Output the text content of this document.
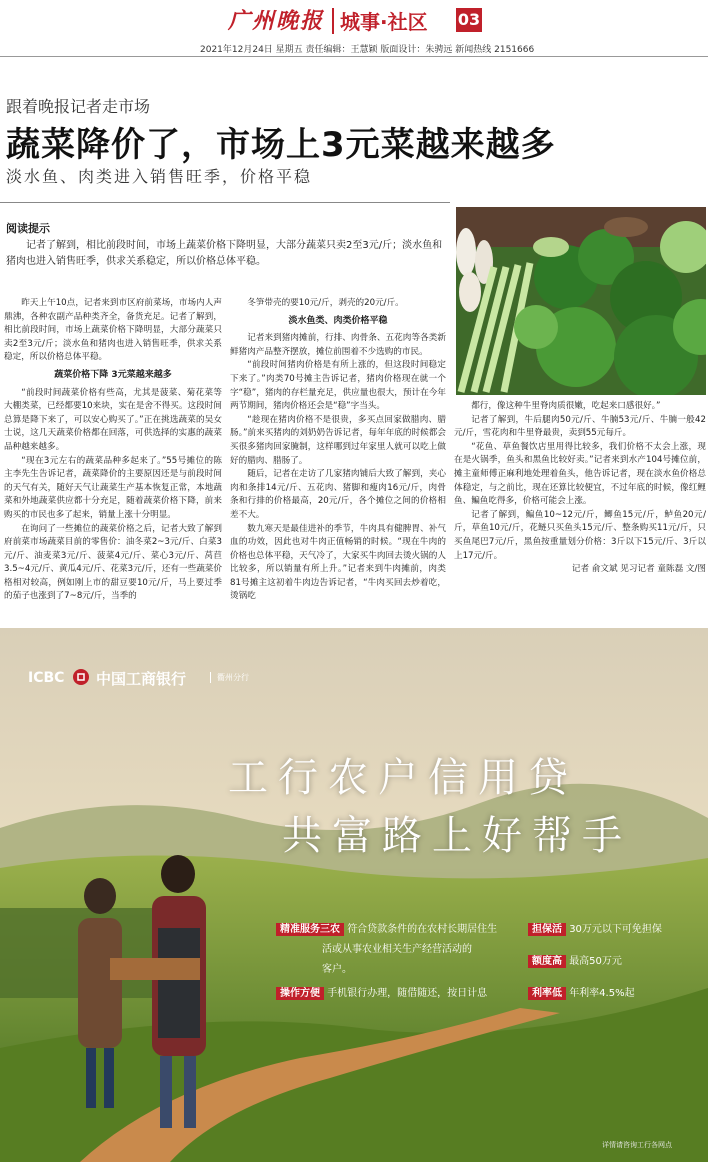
广州晚报 城事·社区 03
2021年12月24日 星期五 责任编辑：王慧颖 版面设计：朱骋远 新闻热线 2151666
跟着晚报记者走市场
蔬菜降价了，市场上3元菜越来越多
淡水鱼、肉类进入销售旺季，价格平稳
阅读提示
记者了解到，相比前段时间，市场上蔬菜价格下降明显，大部分蔬菜只卖2至3元/斤；淡水鱼和猪肉也进入销售旺季，供求关系稳定，所以价格总体平稳。

昨天上午10点，记者来到市区府前菜场，市场内人声鼎沸，各种农副产品种类齐全，备货充足。记者了解到，相比前段时间，市场上蔬菜价格下降明显，大部分蔬菜只卖2至3元/斤；淡水鱼和猪肉也进入销售旺季，供求关系稳定，所以价格总体平稳。

蔬菜价格下降 3元菜越来越多

“前段时间蔬菜价格有些高，尤其是菠菜、菊花菜等大棚类菜，已经都要10来块，实在是舍不得买。这段时间总算是降下来了，可以安心购买了。”正在挑选蔬菜的吴女士说，这几天蔬菜价格都在回落，可供选择的实惠的蔬菜品种越来越多。

“现在3元左右的蔬菜品种多起来了。”55号摊位的陈主李先生告诉记者，蔬菜降价的主要原因还是与前段时间的天气有关，随好天气让蔬菜生产基本恢复正常，本地蔬菜和外地蔬菜供应都十分充足，随着蔬菜价格下降，前来购买的市民也多了起来，销量上涨十分明显。

在询问了一些摊位的蔬菜价格之后，记者大致了解到府前菜市场蔬菜目前的零售价：油冬菜2~3元/斤、白菜3元/斤、油麦菜3元/斤、菠菜4元/斤、菜心3元/斤、莴苣3.5~4元/斤、黄瓜4元/斤、花菜3元/斤，还有一些蔬菜价格相对较高，例如刚上市的甜豆要10元/斤，马上要过季的茄子也涨到了7~8元/斤，当季的

冬笋带壳的要10元/斤，剥壳的20元/斤。

淡水鱼类、肉类价格平稳

记者来到猪肉摊前，行排、肉骨条、五花肉等各类新鲜猪肉产品整齐摆放，摊位前围着不少选购的市民。

“前段时间猪肉价格是有所上涨的，但这段时间稳定下来了。”肉类70号摊主告诉记者，猪肉价格现在就一个字“稳”，猪肉的存栏量充足，供应量也很大，预计在今年两节期间，猪肉价格还会是“稳”字当头。

“趁现在猪肉价格不是很贵，多买点回家做腊肉、腊肠。”前来买猪肉的刘奶奶告诉记者，每年年底的时候都会买很多猪肉回家腌制，这样哪到过年家里人就可以吃上做好的腊肉、腊肠了。

随后，记者在走访了几家猪肉铺后大致了解到，夹心肉和条排14元/斤、五花肉、猪脚和瘦肉16元/斤，肉骨条和行排的价格最高，20元/斤，各个摊位之间的价格相差不大。

数九寒天是最佳进补的季节，牛肉具有健脾胃、补气血的功效，因此也对牛肉正值畅销的时候。“现在牛肉的价格也总体平稳，天气冷了，大家买牛肉回去烫火锅的人比较多，所以销量有所上升。”记者来到牛肉摊前，肉类81号摊主这初着牛肉边告诉记者，“牛肉买回去炒着吃，烫锅吃

都行，像这种牛里脊肉质很嫩，吃起来口感很好。”

记者了解到，牛后腿肉50元/斤、牛腩53元/斤、牛腩一般42元/斤，雪花肉和牛里脊最贵，卖到55元每斤。

“花鱼、草鱼餐饮店里用得比较多，我们价格不太会上涨，现在是火锅季，鱼头和黑鱼比较好卖。”记者来到水产104号摊位前，摊主童师傅正麻利地处理着鱼头，他告诉记者，现在淡水鱼价格总体稳定，与之前比，现在还算比较便宜，不过年底的时候，像红鲤鱼、鳊鱼吃得多，价格可能会上涨。

记者了解到，鳊鱼10~12元/斤，鲫鱼15元/斤，鲈鱼20元/斤，草鱼10元/斤，花鲢只买鱼头15元/斤、整条购买11元/斤，只买鱼尾巴7元/斤，黑鱼按重量划分价格：3斤以下15元/斤、3斤以上17元/斤。

记者 俞文斌 见习记者 童陈磊 文/图
ICBC 中国工商银行	衢州分行
工行农户信用贷
共富路上好帮手
精准服务三农 符合贷款条件的在农村长期居住生
活或从事农业相关生产经营活动的
客户。
操作方便 手机银行办理，随借随还，按日计息
担保活 30万元以下可免担保
额度高 最高50万元
利率低 年利率4.5%起
详情请咨询工行各网点
